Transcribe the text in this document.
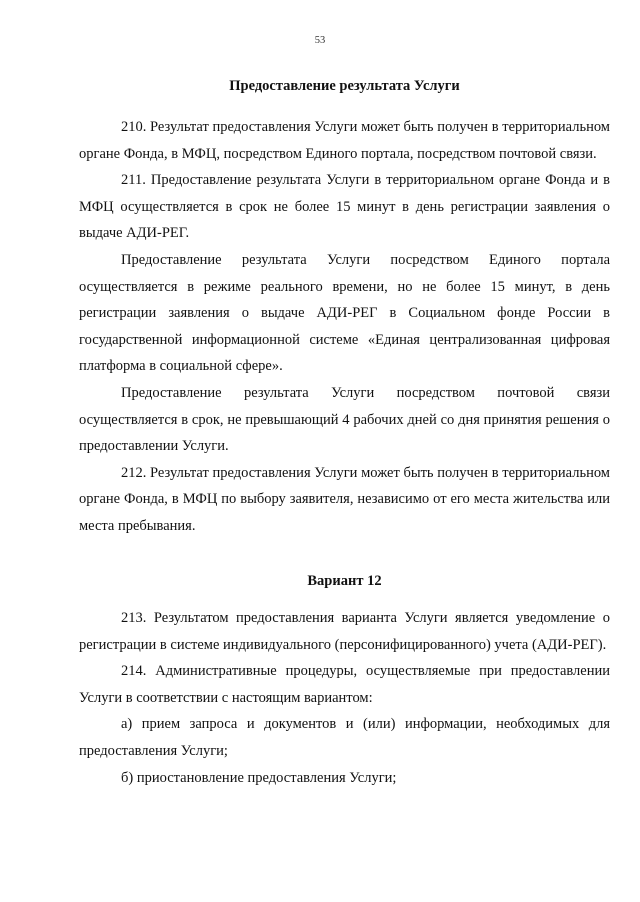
53
Предоставление результата Услуги

210. Результат предоставления Услуги может быть получен в территориальном органе Фонда, в МФЦ, посредством Единого портала, посредством почтовой связи.

211. Предоставление результата Услуги в территориальном органе Фонда и в МФЦ осуществляется в срок не более 15 минут в день регистрации заявления о выдаче АДИ-РЕГ.

Предоставление результата Услуги посредством Единого портала осуществляется в режиме реального времени, но не более 15 минут, в день регистрации заявления о выдаче АДИ-РЕГ в Социальном фонде России в государственной информационной системе «Единая централизованная цифровая платформа в социальной сфере».

Предоставление результата Услуги посредством почтовой связи осуществляется в срок, не превышающий 4 рабочих дней со дня принятия решения о предоставлении Услуги.

212. Результат предоставления Услуги может быть получен в территориальном органе Фонда, в МФЦ по выбору заявителя, независимо от его места жительства или места пребывания.

Вариант 12

213. Результатом предоставления варианта Услуги является уведомление о регистрации в системе индивидуального (персонифицированного) учета (АДИ-РЕГ).

214. Административные процедуры, осуществляемые при предоставлении Услуги в соответствии с настоящим вариантом:

а) прием запроса и документов и (или) информации, необходимых для предоставления Услуги;

б) приостановление предоставления Услуги;
